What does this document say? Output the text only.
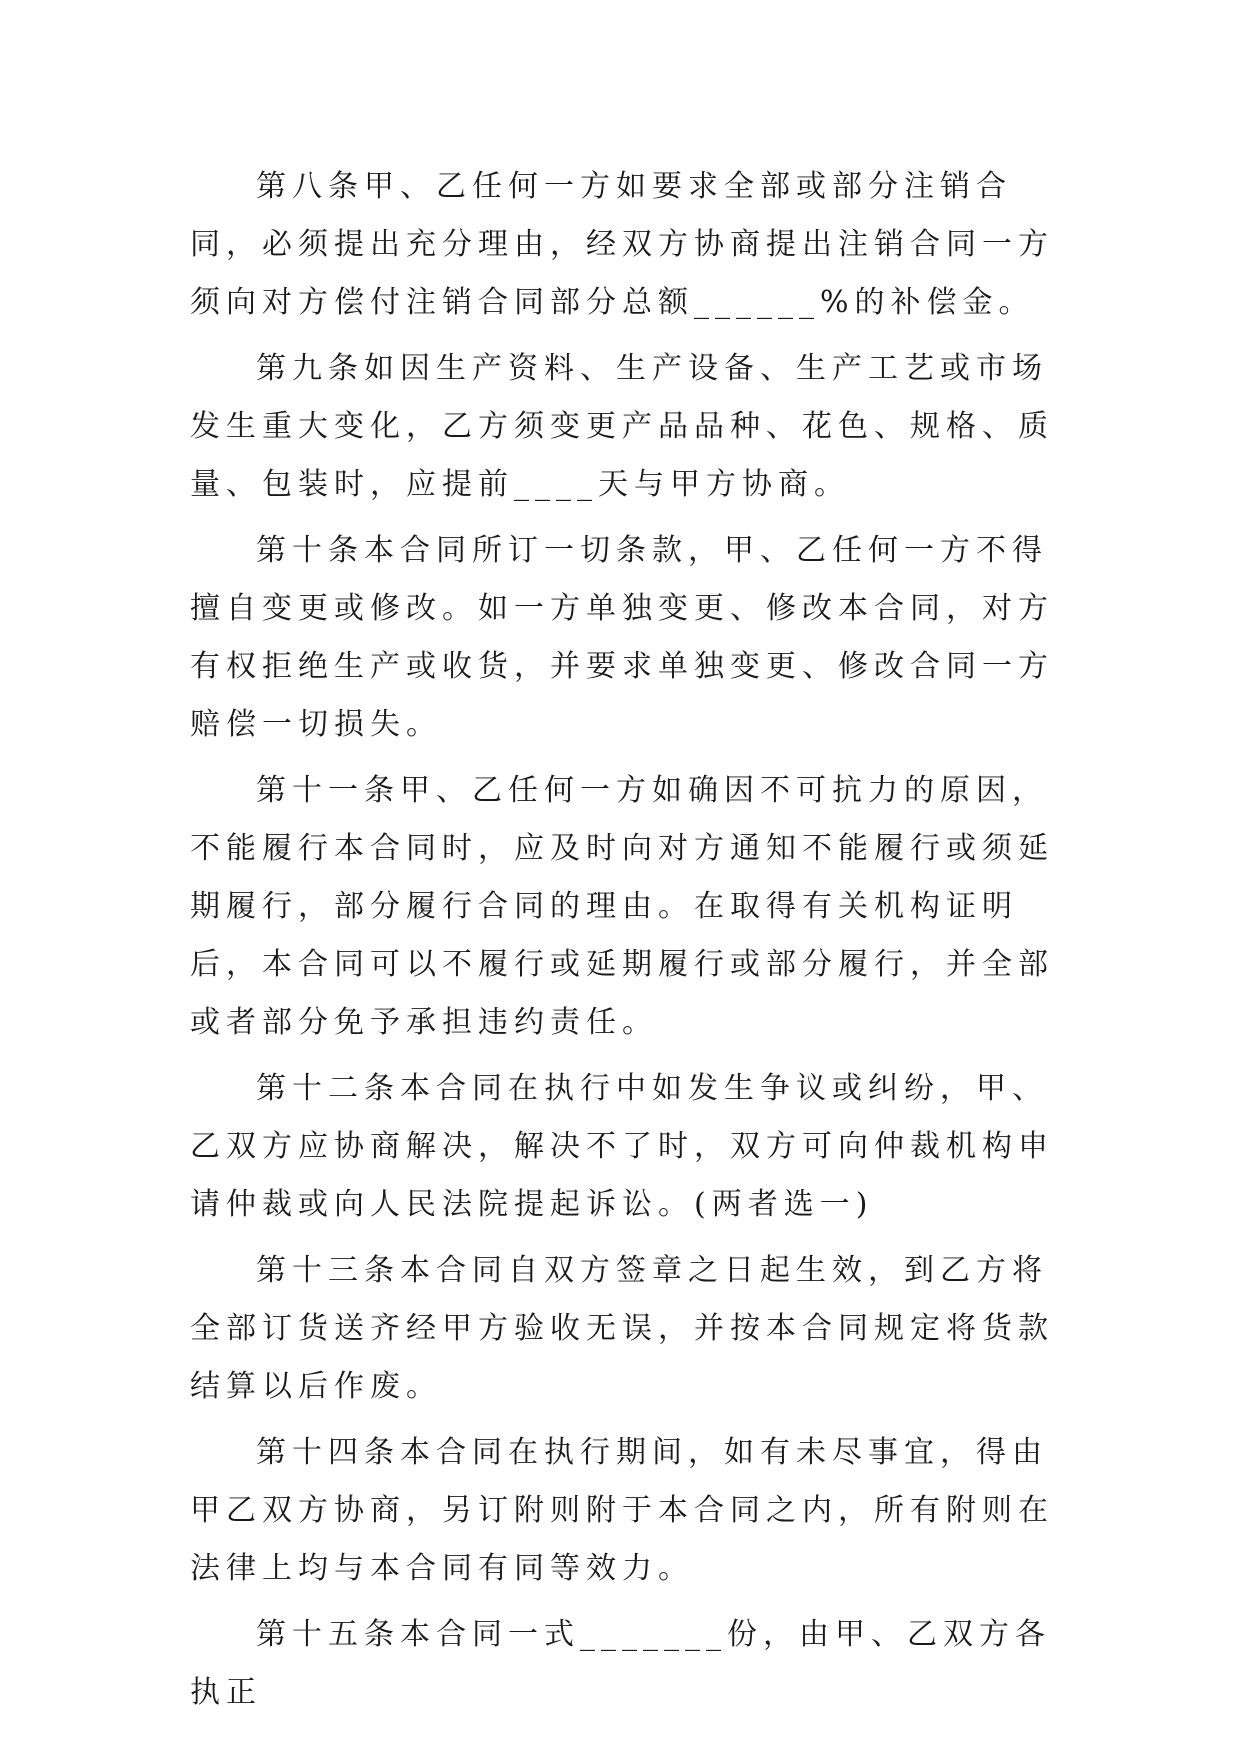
第八条甲、乙任何一方如要求全部或部分注销合同，必须提出充分理由，经双方协商提出注销合同一方须向对方偿付注销合同部分总额______%的补偿金。

第九条如因生产资料、生产设备、生产工艺或市场发生重大变化，乙方须变更产品品种、花色、规格、质量、包装时，应提前____天与甲方协商。

第十条本合同所订一切条款，甲、乙任何一方不得擅自变更或修改。如一方单独变更、修改本合同，对方有权拒绝生产或收货，并要求单独变更、修改合同一方赔偿一切损失。

第十一条甲、乙任何一方如确因不可抗力的原因，不能履行本合同时，应及时向对方通知不能履行或须延期履行，部分履行合同的理由。在取得有关机构证明后，本合同可以不履行或延期履行或部分履行，并全部或者部分免予承担违约责任。

第十二条本合同在执行中如发生争议或纠纷，甲、乙双方应协商解决，解决不了时，双方可向仲裁机构申请仲裁或向人民法院提起诉讼。(两者选一)

第十三条本合同自双方签章之日起生效，到乙方将全部订货送齐经甲方验收无误，并按本合同规定将货款结算以后作废。

第十四条本合同在执行期间，如有未尽事宜，得由甲乙双方协商，另订附则附于本合同之内，所有附则在法律上均与本合同有同等效力。

第十五条本合同一式_______份，由甲、乙双方各执正
